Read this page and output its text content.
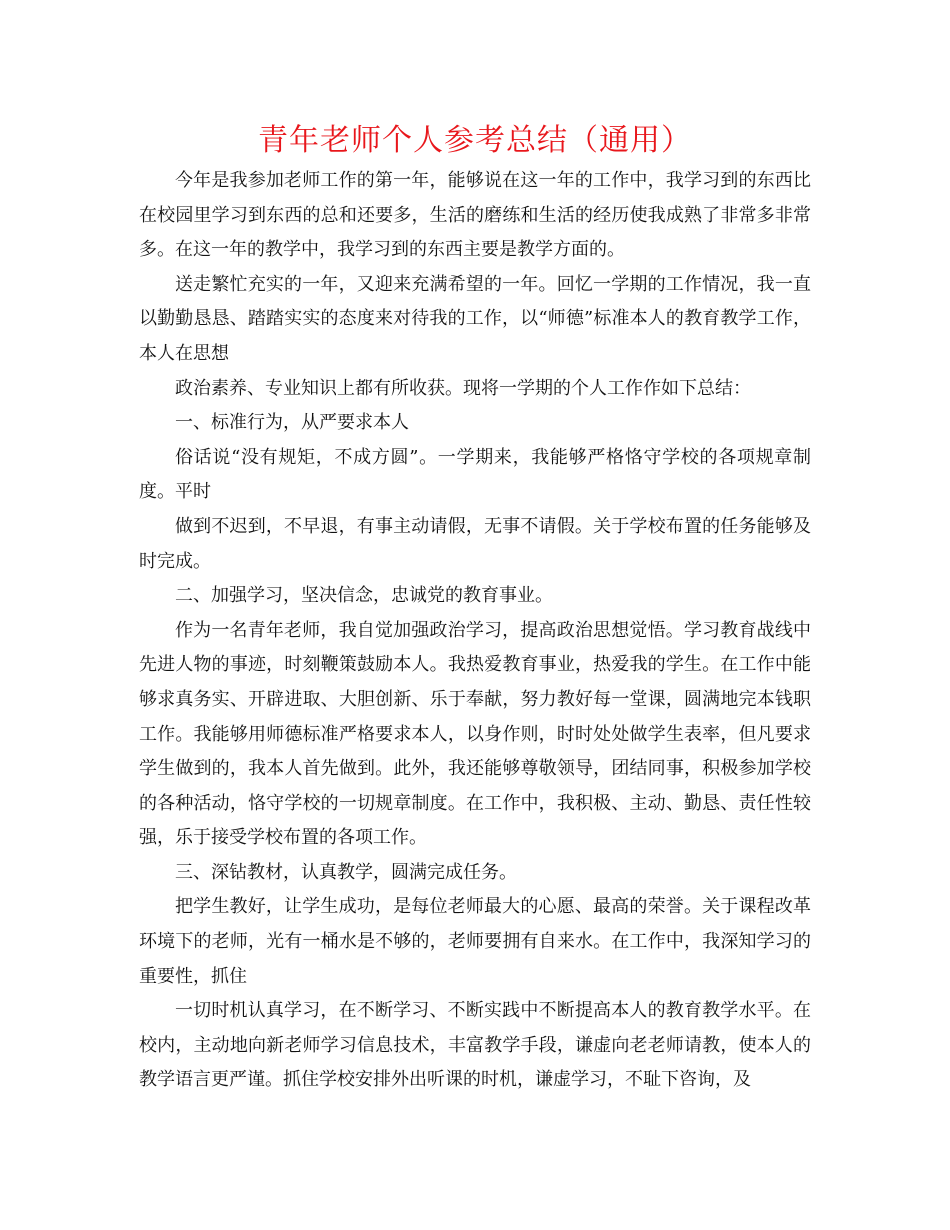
青年老师个人参考总结（通用）

今年是我参加老师工作的第一年，能够说在这一年的工作中，我学习到的东西比在校园里学习到东西的总和还要多，生活的磨练和生活的经历使我成熟了非常多非常多。在这一年的教学中，我学习到的东西主要是教学方面的。

送走繁忙充实的一年，又迎来充满希望的一年。回忆一学期的工作情况，我一直以勤勤恳恳、踏踏实实的态度来对待我的工作，以“师德”标准本人的教育教学工作，本人在思想

政治素养、专业知识上都有所收获。现将一学期的个人工作作如下总结：

一、标准行为，从严要求本人

俗话说“没有规矩，不成方圆”。一学期来，我能够严格恪守学校的各项规章制度。平时

做到不迟到，不早退，有事主动请假，无事不请假。关于学校布置的任务能够及时完成。

二、加强学习，坚决信念，忠诚党的教育事业。

作为一名青年老师，我自觉加强政治学习，提高政治思想觉悟。学习教育战线中先进人物的事迹，时刻鞭策鼓励本人。我热爱教育事业，热爱我的学生。在工作中能够求真务实、开辟进取、大胆创新、乐于奉献，努力教好每一堂课，圆满地完本钱职工作。我能够用师德标准严格要求本人，以身作则，时时处处做学生表率，但凡要求学生做到的，我本人首先做到。此外，我还能够尊敬领导，团结同事，积极参加学校的各种活动，恪守学校的一切规章制度。在工作中，我积极、主动、勤恳、责任性较强，乐于接受学校布置的各项工作。

三、深钻教材，认真教学，圆满完成任务。

把学生教好，让学生成功，是每位老师最大的心愿、最高的荣誉。关于课程改革环境下的老师，光有一桶水是不够的，老师要拥有自来水。在工作中，我深知学习的重要性，抓住

一切时机认真学习，在不断学习、不断实践中不断提高本人的教育教学水平。在校内，主动地向新老师学习信息技术，丰富教学手段，谦虚向老老师请教，使本人的教学语言更严谨。抓住学校安排外出听课的时机，谦虚学习，不耻下咨询，及
